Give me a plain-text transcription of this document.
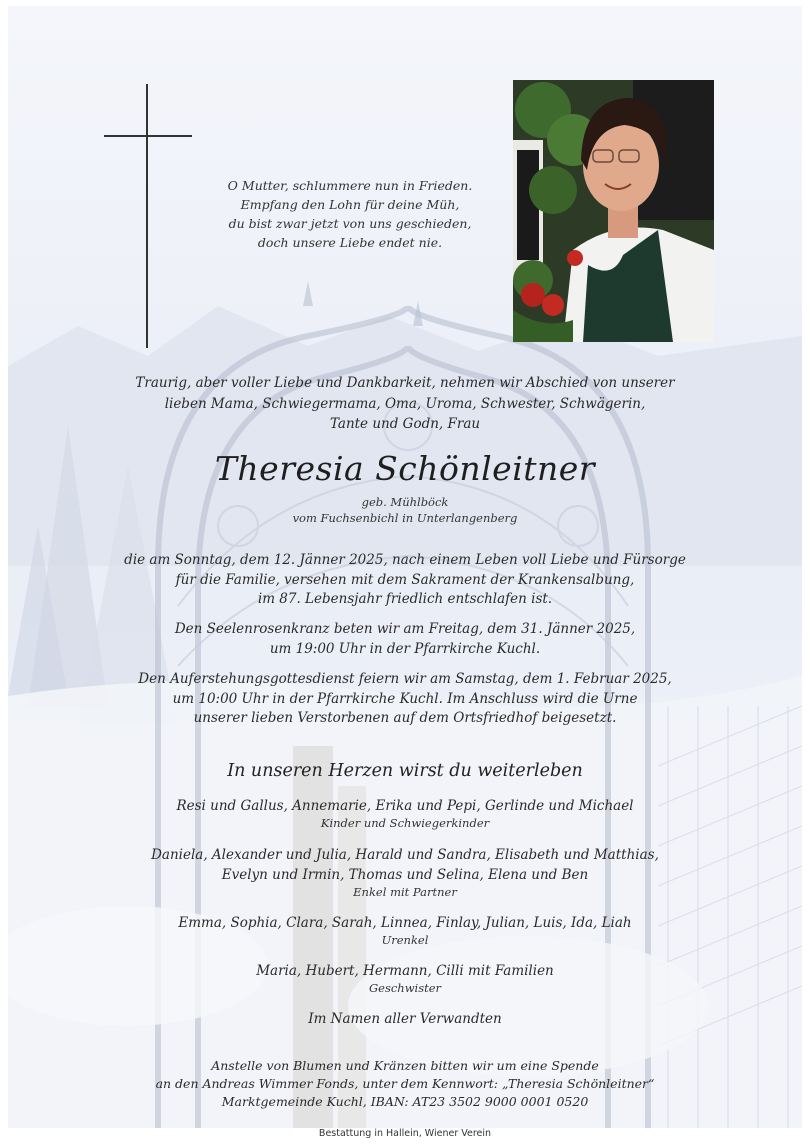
O Mutter, schlummere nun in Frieden.
Empfang den Lohn für deine Müh,
du bist zwar jetzt von uns geschieden,
doch unsere Liebe endet nie.
Traurig, aber voller Liebe und Dankbarkeit, nehmen wir Abschied von unserer
lieben Mama, Schwiegermama, Oma, Uroma, Schwester, Schwägerin,
Tante und Godn, Frau
Theresia Schönleitner
geb. Mühlböck
vom Fuchsenbichl in Unterlangenberg
die am Sonntag, dem 12. Jänner 2025, nach einem Leben voll Liebe und Fürsorge
für die Familie, versehen mit dem Sakrament der Krankensalbung,
im 87. Lebensjahr friedlich entschlafen ist.
Den Seelenrosenkranz beten wir am Freitag, dem 31. Jänner 2025,
um 19:00 Uhr in der Pfarrkirche Kuchl.
Den Auferstehungsgottesdienst feiern wir am Samstag, dem 1. Februar 2025,
um 10:00 Uhr in der Pfarrkirche Kuchl. Im Anschluss wird die Urne
unserer lieben Verstorbenen auf dem Ortsfriedhof beigesetzt.
In unseren Herzen wirst du weiterleben
Resi und Gallus, Annemarie, Erika und Pepi, Gerlinde und Michael
Kinder und Schwiegerkinder
Daniela, Alexander und Julia, Harald und Sandra, Elisabeth und Matthias,
Evelyn und Irmin, Thomas und Selina, Elena und Ben
Enkel mit Partner
Emma, Sophia, Clara, Sarah, Linnea, Finlay, Julian, Luis, Ida, Liah
Urenkel
Maria, Hubert, Hermann, Cilli mit Familien
Geschwister
Im Namen aller Verwandten
Anstelle von Blumen und Kränzen bitten wir um eine Spende
an den Andreas Wimmer Fonds, unter dem Kennwort: „Theresia Schönleitner“
Marktgemeinde Kuchl, IBAN: AT23 3502 9000 0001 0520
Bestattung in Hallein, Wiener Verein
